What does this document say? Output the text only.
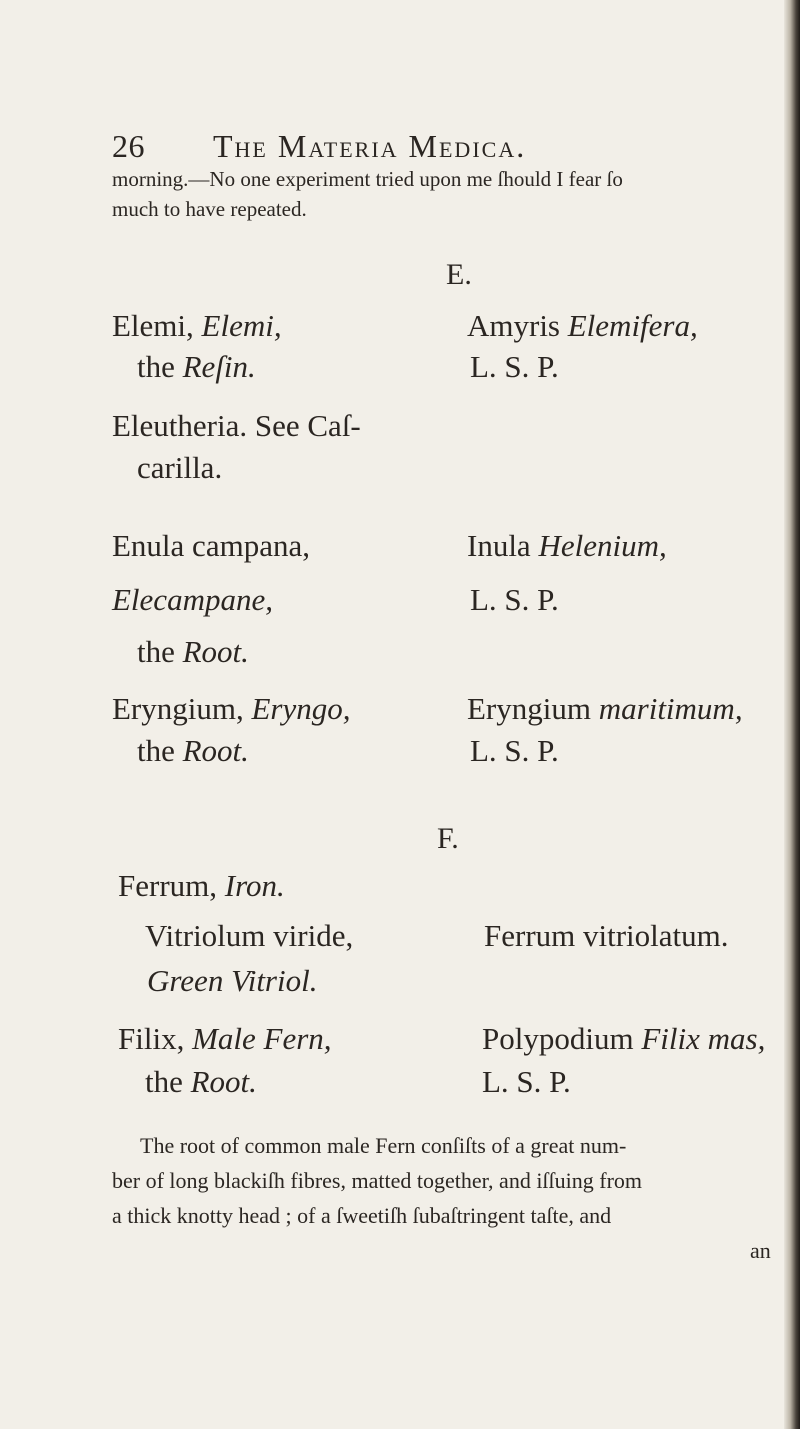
26 The Materia Medica.
morning.—No one experiment tried upon me ſhould I fear ſo
much to have repeated.
E.
Elemi, Elemi,	Amyris Elemifera,
the Reſin.	L. S. P.
Eleutheria. See Caſ-
carilla.
Enula campana,	Inula Helenium,
Elecampane,	L. S. P.
the Root.
Eryngium, Eryngo,	Eryngium maritimum,
the Root.	L. S. P.
F.
Ferrum, Iron.
Vitriolum viride,	Ferrum vitriolatum.
Green Vitriol.
Filix, Male Fern,	Polypodium Filix mas,
the Root.	L. S. P.
The root of common male Fern conſiſts of a great num-
ber of long blackiſh fibres, matted together, and iſſuing from
a thick knotty head ; of a ſweetiſh ſubaſtringent taſte, and
an
